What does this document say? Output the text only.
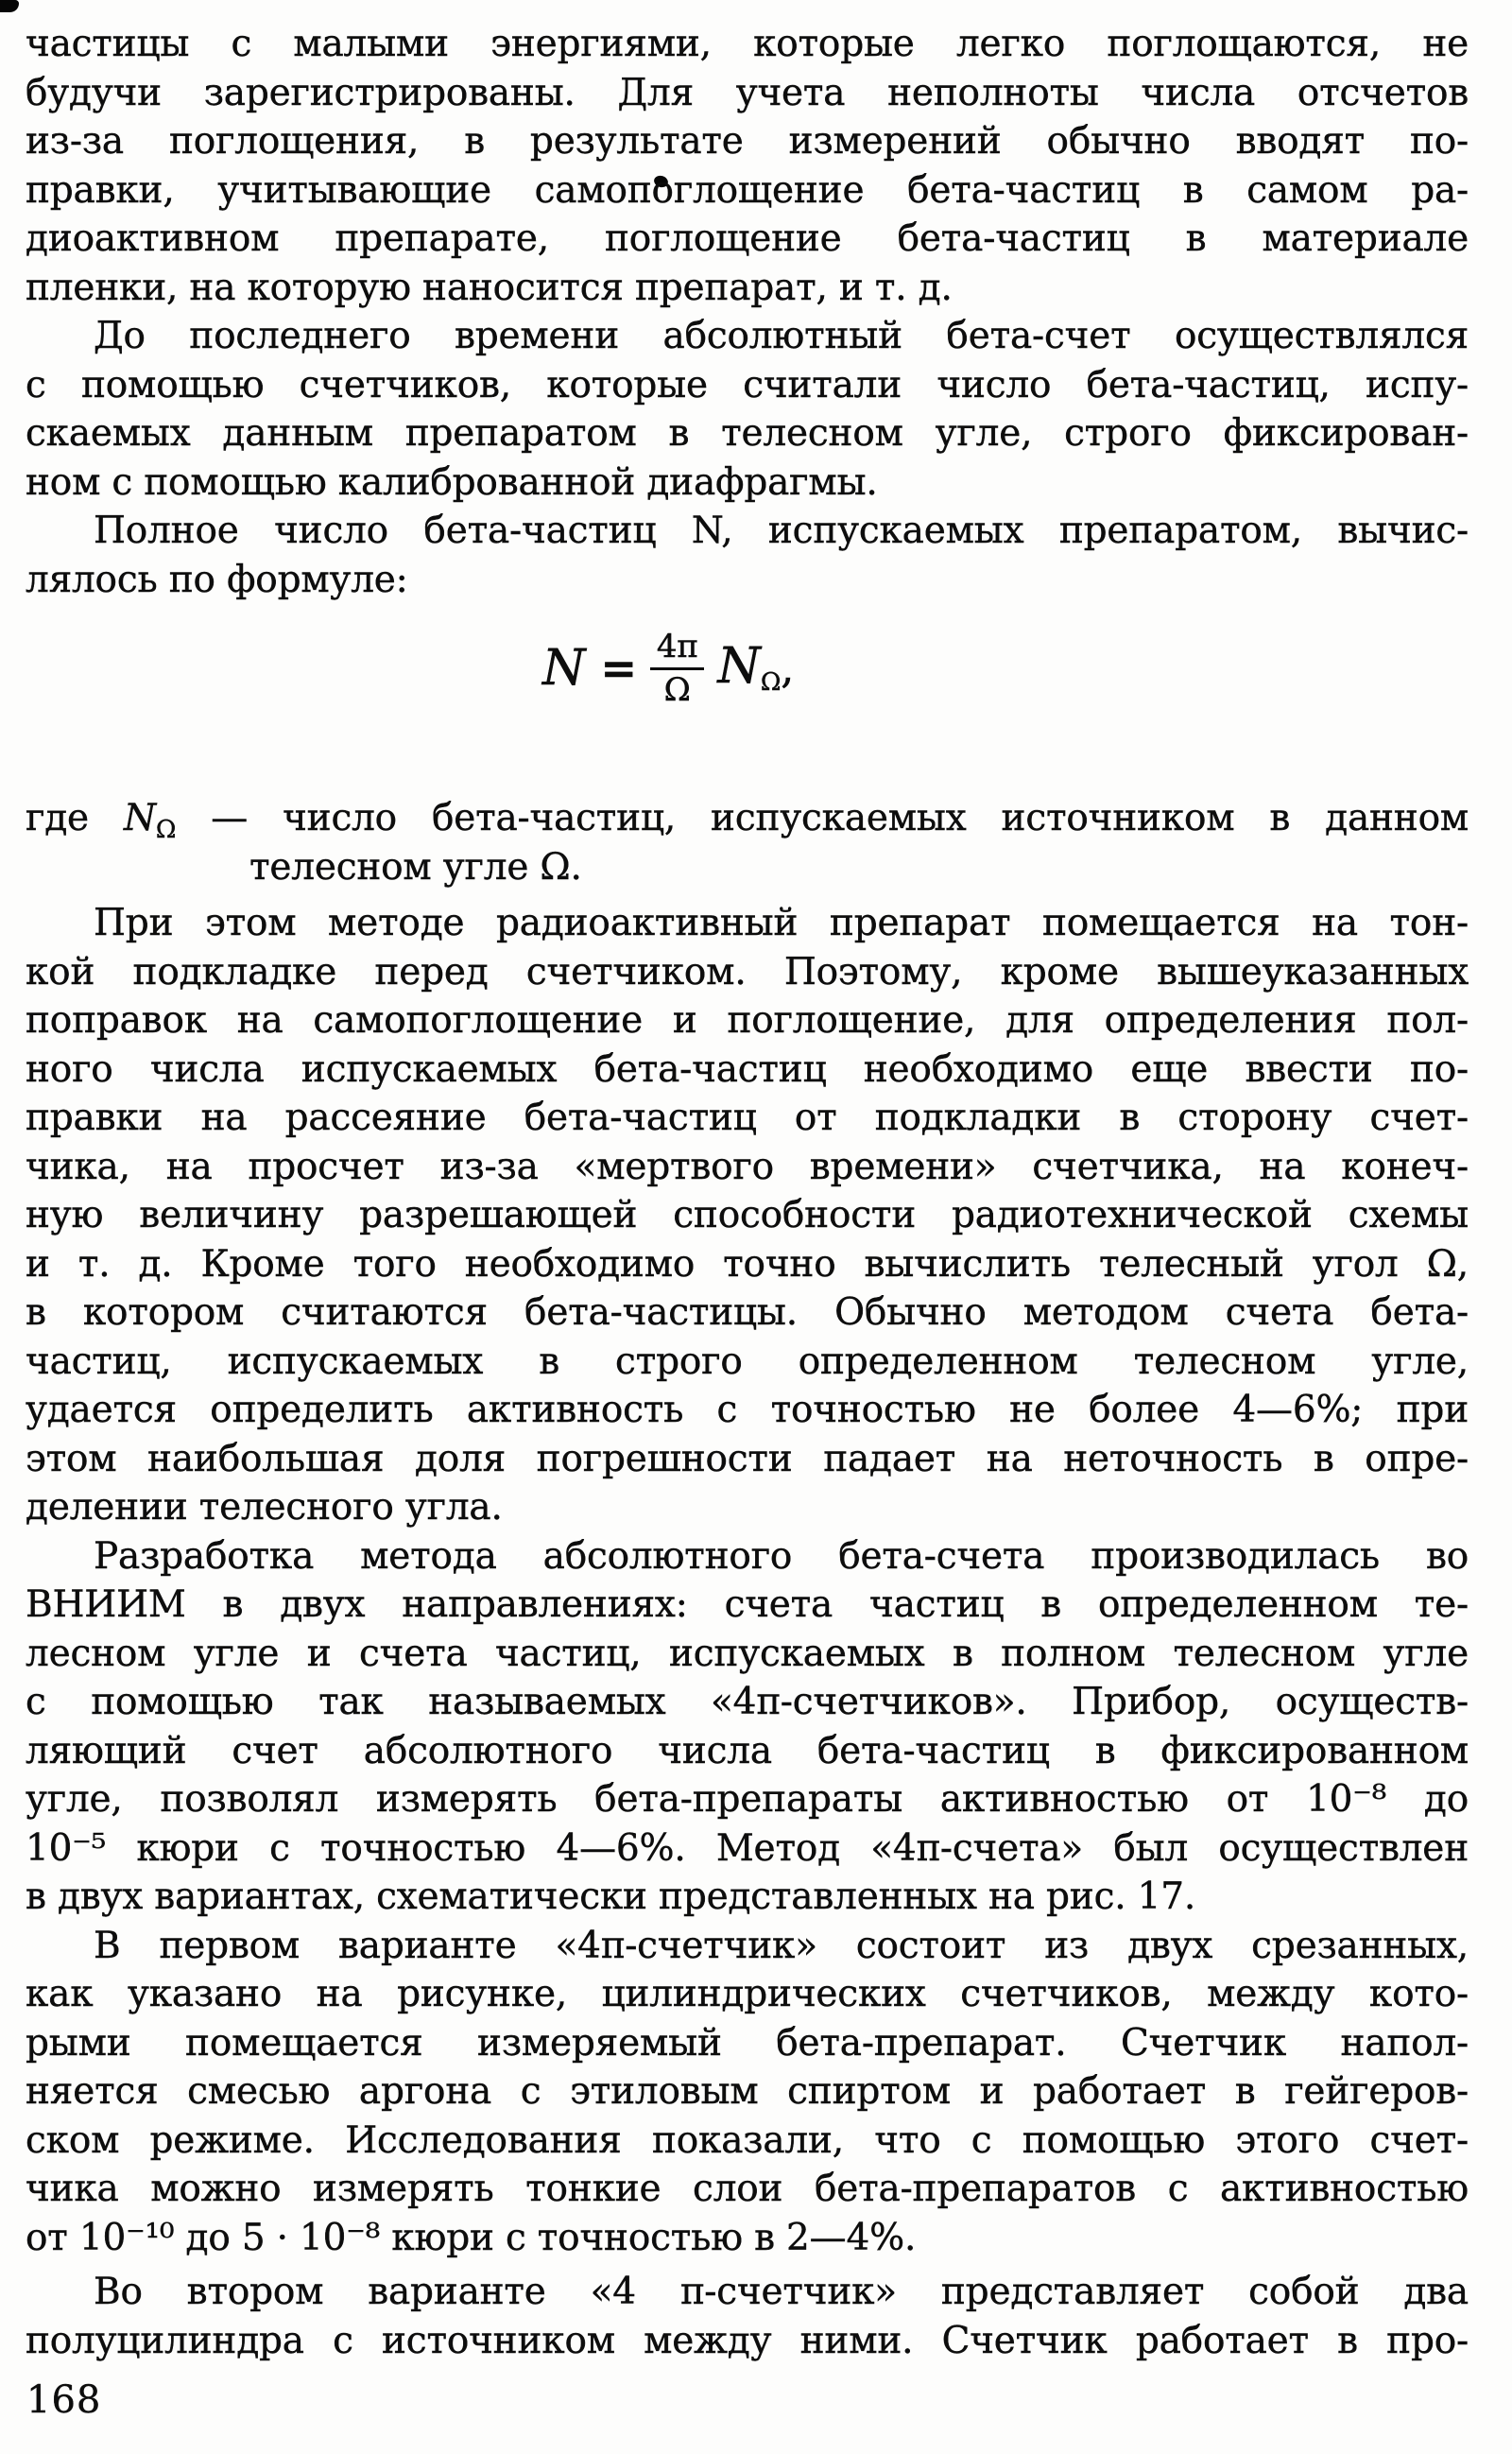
частицы с малыми энергиями, которые легко поглощаются, не
будучи зарегистрированы. Для учета неполноты числа отсчетов
из-за поглощения, в результате измерений обычно вводят по-
правки, учитывающие самопоглощение бета-частиц в самом ра-
диоактивном препарате, поглощение бета-частиц в материале
пленки, на которую наносится препарат, и т. д.
До последнего времени абсолютный бета-счет осуществлялся
с помощью счетчиков, которые считали число бета-частиц, испу-
скаемых данным препаратом в телесном угле, строго фиксирован-
ном с помощью калиброванной диафрагмы.
Полное число бета-частиц N, испускаемых препаратом, вычис-
лялось по формуле:
$N = \frac{4\pi}{\Omega} N_\Omega$,
где $N_\Omega$ — число бета-частиц, испускаемых источником в данном
телесном угле Ω.
При этом методе радиоактивный препарат помещается на тон-
кой подкладке перед счетчиком. Поэтому, кроме вышеуказанных
поправок на самопоглощение и поглощение, для определения пол-
ного числа испускаемых бета-частиц необходимо еще ввести по-
правки на рассеяние бета-частиц от подкладки в сторону счет-
чика, на просчет из-за «мертвого времени» счетчика, на конеч-
ную величину разрешающей способности радиотехнической схемы
и т. д. Кроме того необходимо точно вычислить телесный угол Ω,
в котором считаются бета-частицы. Обычно методом счета бета-
частиц, испускаемых в строго определенном телесном угле,
удается определить активность с точностью не более 4—6%; при
этом наибольшая доля погрешности падает на неточность в опре-
делении телесного угла.
Разработка метода абсолютного бета-счета производилась во
ВНИИМ в двух направлениях: счета частиц в определенном те-
лесном угле и счета частиц, испускаемых в полном телесном угле
с помощью так называемых «4π-счетчиков». Прибор, осуществ-
ляющий счет абсолютного числа бета-частиц в фиксированном
угле, позволял измерять бета-препараты активностью от 10⁻⁸ до
10⁻⁵ кюри с точностью 4—6%. Метод «4π-счета» был осуществлен
в двух вариантах, схематически представленных на рис. 17.
В первом варианте «4π-счетчик» состоит из двух срезанных,
как указано на рисунке, цилиндрических счетчиков, между кото-
рыми помещается измеряемый бета-препарат. Счетчик напол-
няется смесью аргона с этиловым спиртом и работает в гейгеров-
ском режиме. Исследования показали, что с помощью этого счет-
чика можно измерять тонкие слои бета-препаратов с активностью
от 10⁻¹⁰ до 5 · 10⁻⁸ кюри с точностью в 2—4%.
Во втором варианте «4 π-счетчик» представляет собой два
полуцилиндра с источником между ними. Счетчик работает в про-
168
